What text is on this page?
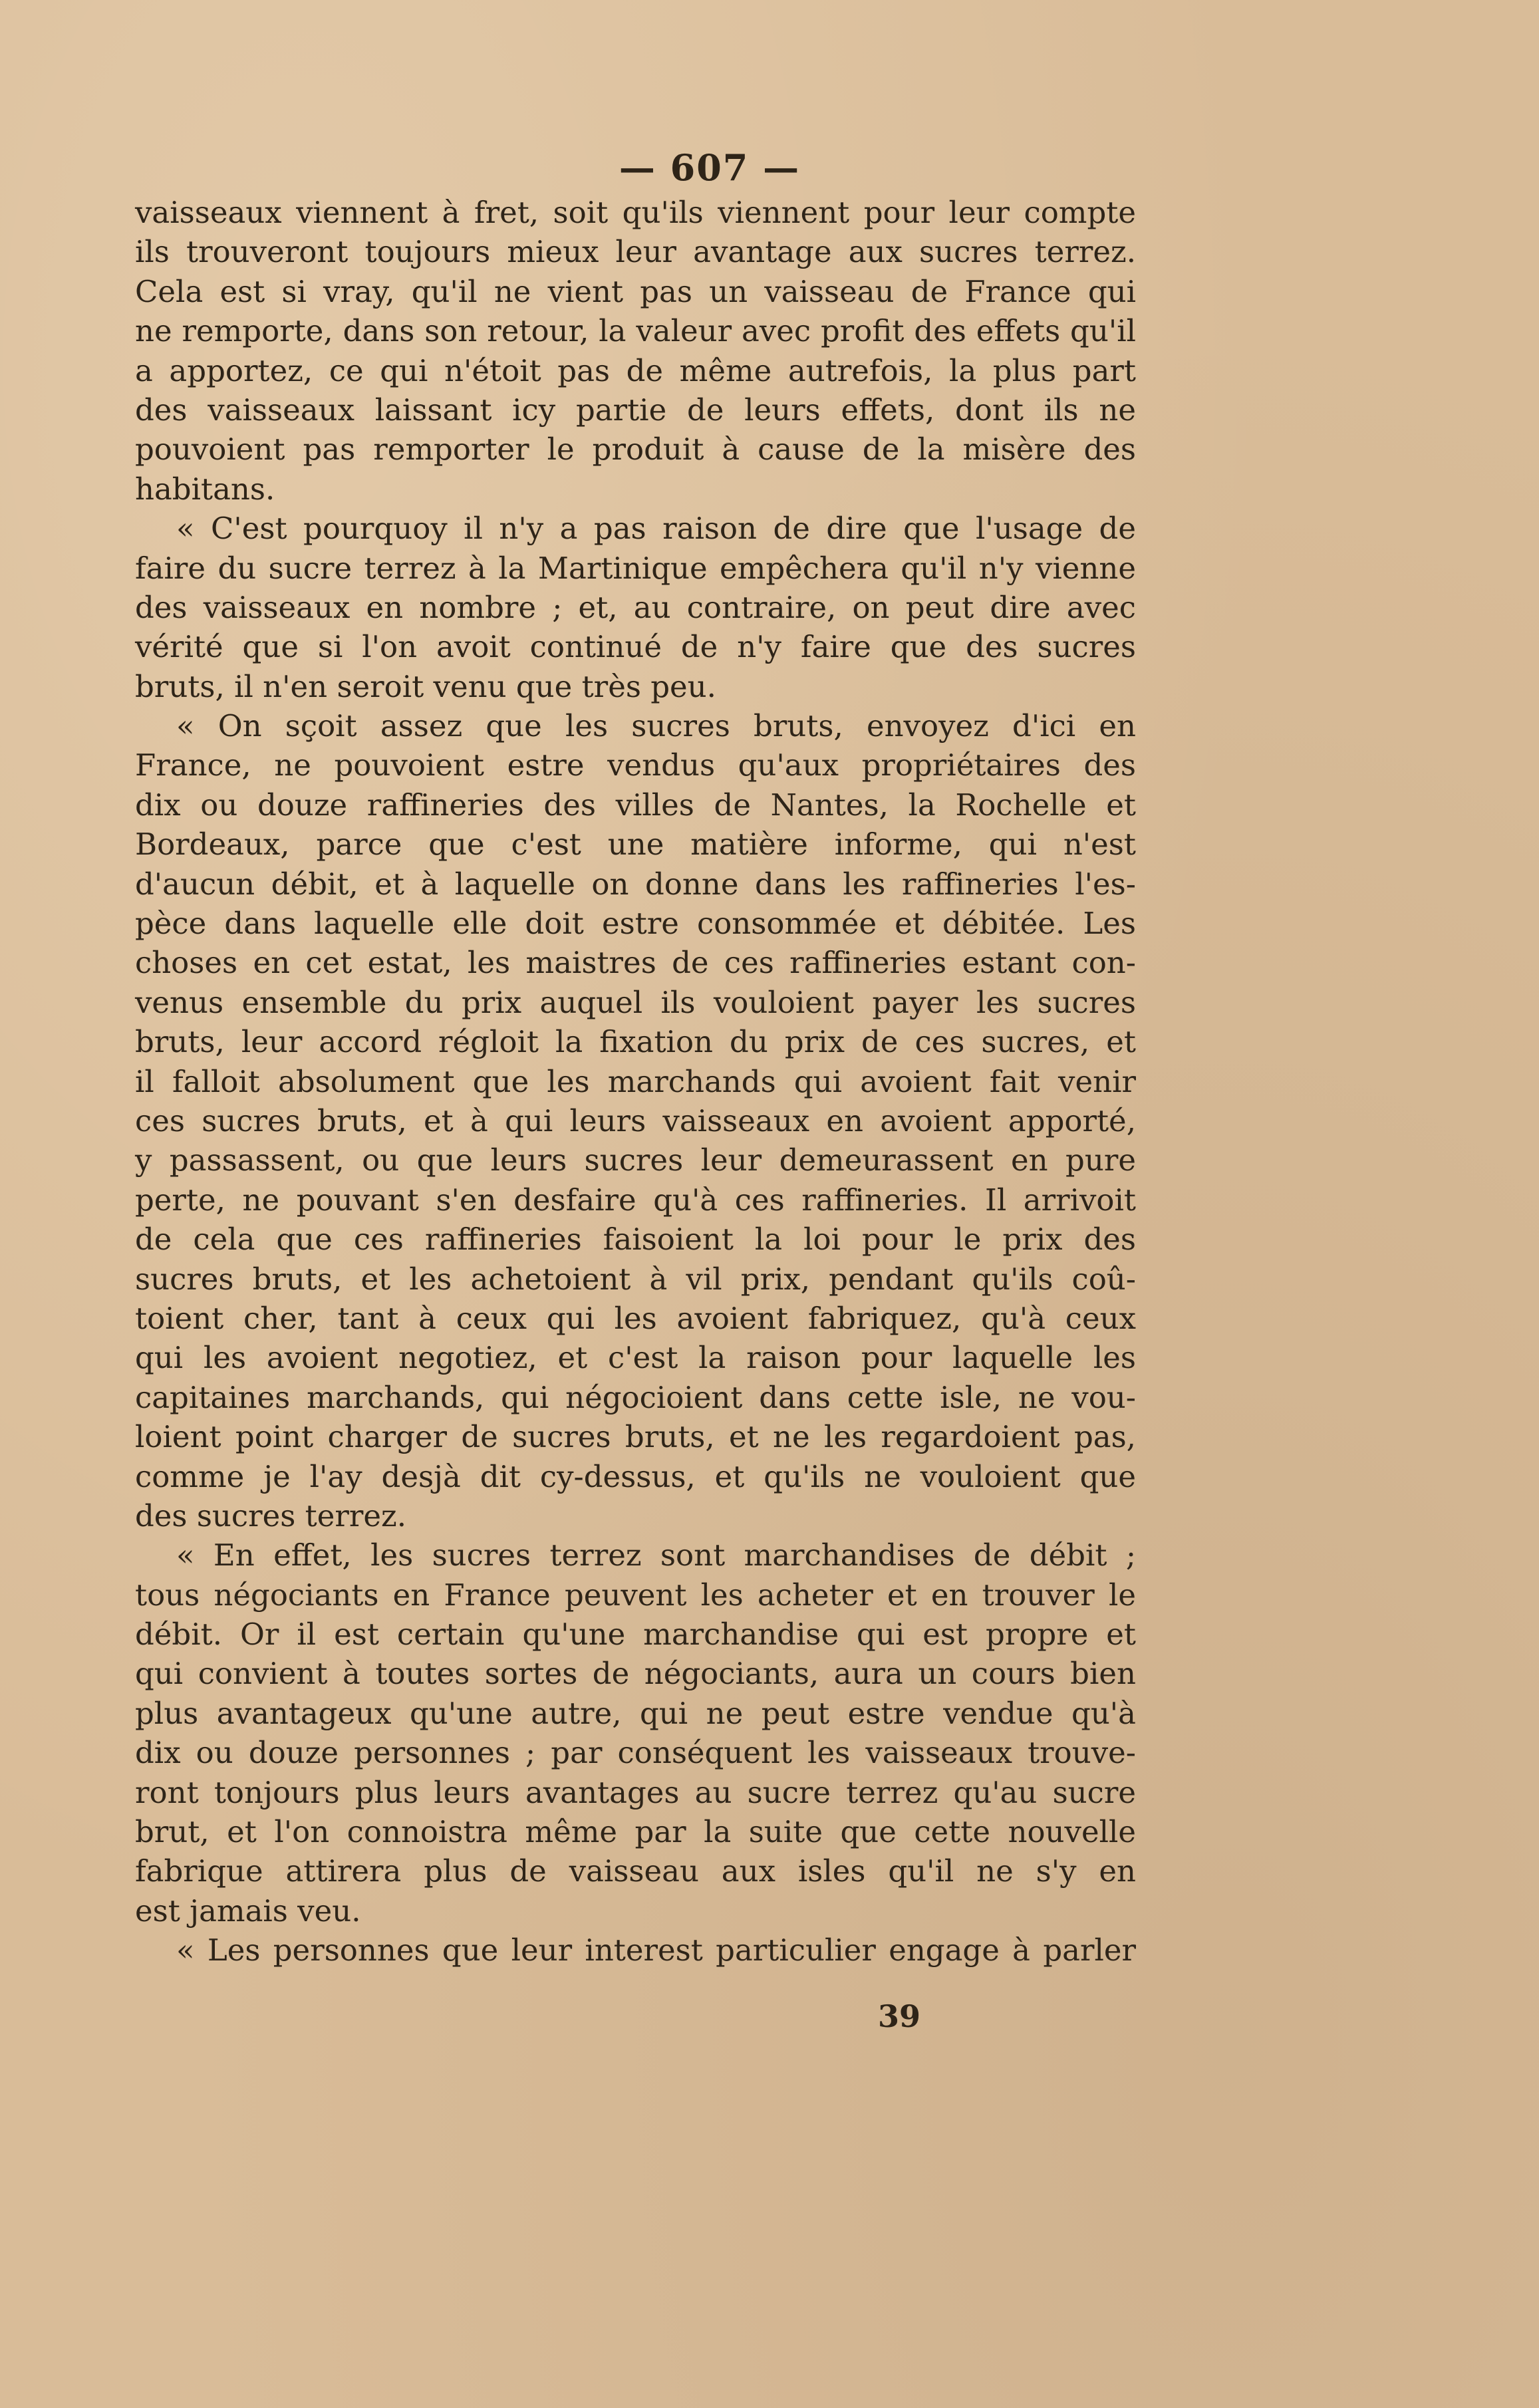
— 607 —

vaisseaux viennent à fret, soit qu'ils viennent pour leur compte
ils trouveront toujours mieux leur avantage aux sucres terrez.
Cela est si vray, qu'il ne vient pas un vaisseau de France qui
ne remporte, dans son retour, la valeur avec profit des effets qu'il
a apportez, ce qui n'étoit pas de même autrefois, la plus part
des vaisseaux laissant icy partie de leurs effets, dont ils ne
pouvoient pas remporter le produit à cause de la misère des
habitans.

« C'est pourquoy il n'y a pas raison de dire que l'usage de
faire du sucre terrez à la Martinique empêchera qu'il n'y vienne
des vaisseaux en nombre ; et, au contraire, on peut dire avec
vérité que si l'on avoit continué de n'y faire que des sucres
bruts, il n'en seroit venu que très peu.

« On sçoit assez que les sucres bruts, envoyez d'ici en
France, ne pouvoient estre vendus qu'aux propriétaires des
dix ou douze raffineries des villes de Nantes, la Rochelle et
Bordeaux, parce que c'est une matière informe, qui n'est
d'aucun débit, et à laquelle on donne dans les raffineries l'es-
pèce dans laquelle elle doit estre consommée et débitée. Les
choses en cet estat, les maistres de ces raffineries estant con-
venus ensemble du prix auquel ils vouloient payer les sucres
bruts, leur accord régloit la fixation du prix de ces sucres, et
il falloit absolument que les marchands qui avoient fait venir
ces sucres bruts, et à qui leurs vaisseaux en avoient apporté,
y passassent, ou que leurs sucres leur demeurassent en pure
perte, ne pouvant s'en desfaire qu'à ces raffineries. Il arrivoit
de cela que ces raffineries faisoient la loi pour le prix des
sucres bruts, et les achetoient à vil prix, pendant qu'ils coû-
toient cher, tant à ceux qui les avoient fabriquez, qu'à ceux
qui les avoient negotiez, et c'est la raison pour laquelle les
capitaines marchands, qui négocioient dans cette isle, ne vou-
loient point charger de sucres bruts, et ne les regardoient pas,
comme je l'ay desjà dit cy-dessus, et qu'ils ne vouloient que
des sucres terrez.

« En effet, les sucres terrez sont marchandises de débit ;
tous négociants en France peuvent les acheter et en trouver le
débit. Or il est certain qu'une marchandise qui est propre et
qui convient à toutes sortes de négociants, aura un cours bien
plus avantageux qu'une autre, qui ne peut estre vendue qu'à
dix ou douze personnes ; par conséquent les vaisseaux trouve-
ront tonjours plus leurs avantages au sucre terrez qu'au sucre
brut, et l'on connoistra même par la suite que cette nouvelle
fabrique attirera plus de vaisseau aux isles qu'il ne s'y en
est jamais veu.

« Les personnes que leur interest particulier engage à parler

39
